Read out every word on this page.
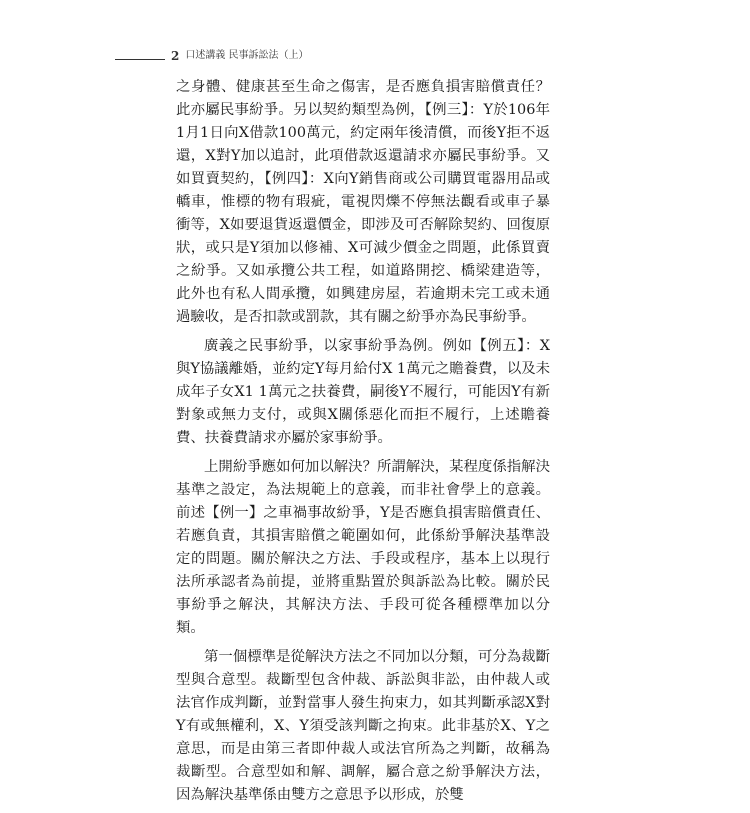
2 口述講義 民事訴訟法（上）

之身體、健康甚至生命之傷害，是否應負損害賠償責任？此亦屬民事紛爭。另以契約類型為例，【例三】：Y於106年1月1日向X借款100萬元，約定兩年後清償，而後Y拒不返還，X對Y加以追討，此項借款返還請求亦屬民事紛爭。又如買賣契約，【例四】：X向Y銷售商或公司購買電器用品或轎車，惟標的物有瑕疵，電視閃爍不停無法觀看或車子暴衝等，X如要退貨返還價金，即涉及可否解除契約、回復原狀，或只是Y須加以修補、X可減少價金之問題，此係買賣之紛爭。又如承攬公共工程，如道路開挖、橋梁建造等，此外也有私人間承攬，如興建房屋，若逾期未完工或未通過驗收，是否扣款或罰款，其有關之紛爭亦為民事紛爭。

廣義之民事紛爭，以家事紛爭為例。例如【例五】：X與Y協議離婚，並約定Y每月給付X 1萬元之贍養費，以及未成年子女X1 1萬元之扶養費，嗣後Y不履行，可能因Y有新對象或無力支付，或與X關係惡化而拒不履行，上述贍養費、扶養費請求亦屬於家事紛爭。

上開紛爭應如何加以解決？所謂解決，某程度係指解決基準之設定，為法規範上的意義，而非社會學上的意義。前述【例一】之車禍事故紛爭，Y是否應負損害賠償責任、若應負責，其損害賠償之範圍如何，此係紛爭解決基準設定的問題。關於解決之方法、手段或程序，基本上以現行法所承認者為前提，並將重點置於與訴訟為比較。關於民事紛爭之解決，其解決方法、手段可從各種標準加以分類。

第一個標準是從解決方法之不同加以分類，可分為裁斷型與合意型。裁斷型包含仲裁、訴訟與非訟，由仲裁人或法官作成判斷，並對當事人發生拘束力，如其判斷承認X對Y有或無權利，X、Y須受該判斷之拘束。此非基於X、Y之意思，而是由第三者即仲裁人或法官所為之判斷，故稱為裁斷型。合意型如和解、調解，屬合意之紛爭解決方法，因為解決基準係由雙方之意思予以形成，於雙
